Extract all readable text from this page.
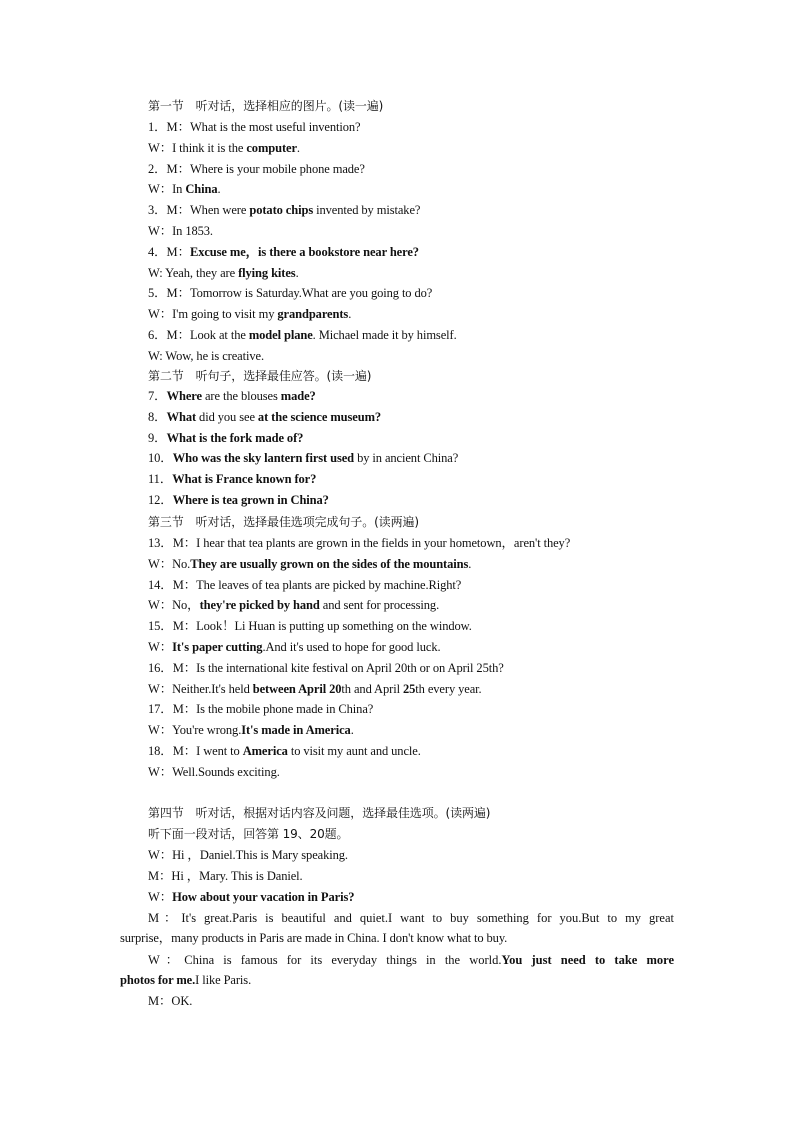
第一节　听对话，选择相应的图片。(读一遍)
1．M：What is the most useful invention?
W：I think it is the computer.
2．M：Where is your mobile phone made?
W：In China.
3．M：When were potato chips invented by mistake?
W：In 1853.
4．M：Excuse me，is there a bookstore near here?
W: Yeah, they are flying kites.
5．M：Tomorrow is Saturday.What are you going to do?
W：I'm going to visit my grandparents.
6．M：Look at the model plane. Michael made it by himself.
W: Wow, he is creative.
第二节　听句子，选择最佳应答。(读一遍)
7．Where are the blouses made?
8．What did you see at the science museum?
9．What is the fork made of?
10．Who was the sky lantern first used by in ancient China?
11．What is France known for?
12．Where is tea grown in China?
第三节　听对话，选择最佳选项完成句子。(读两遍)
13．M：I hear that tea plants are grown in the fields in your hometown，aren't they?
W：No.They are usually grown on the sides of the mountains.
14．M：The leaves of tea plants are picked by machine.Right?
W：No，they're picked by hand and sent for processing.
15．M：Look！Li Huan is putting up something on the window.
W：It's paper cutting.And it's used to hope for good luck.
16．M：Is the international kite festival on April 20th or on April 25th?
W：Neither.It's held between April 20th and April 25th every year.
17．M：Is the mobile phone made in China?
W：You're wrong.It's made in America.
18．M：I went to America to visit my aunt and uncle.
W：Well.Sounds exciting.
第四节　听对话，根据对话内容及问题，选择最佳选项。(读两遍)
听下面一段对话，回答第 19、20题。
W：Hi ，Daniel.This is Mary speaking.
M：Hi ，Mary. This is Daniel.
W：How about your vacation in Paris?
M：It's great.Paris is beautiful and quiet.I want to buy something for you.But to my great
surprise，many products in Paris are made in China. I don't know what to buy.
W：China is famous for its everyday things in the world.You just need to take more
photos for me.I like Paris.
M：OK.
